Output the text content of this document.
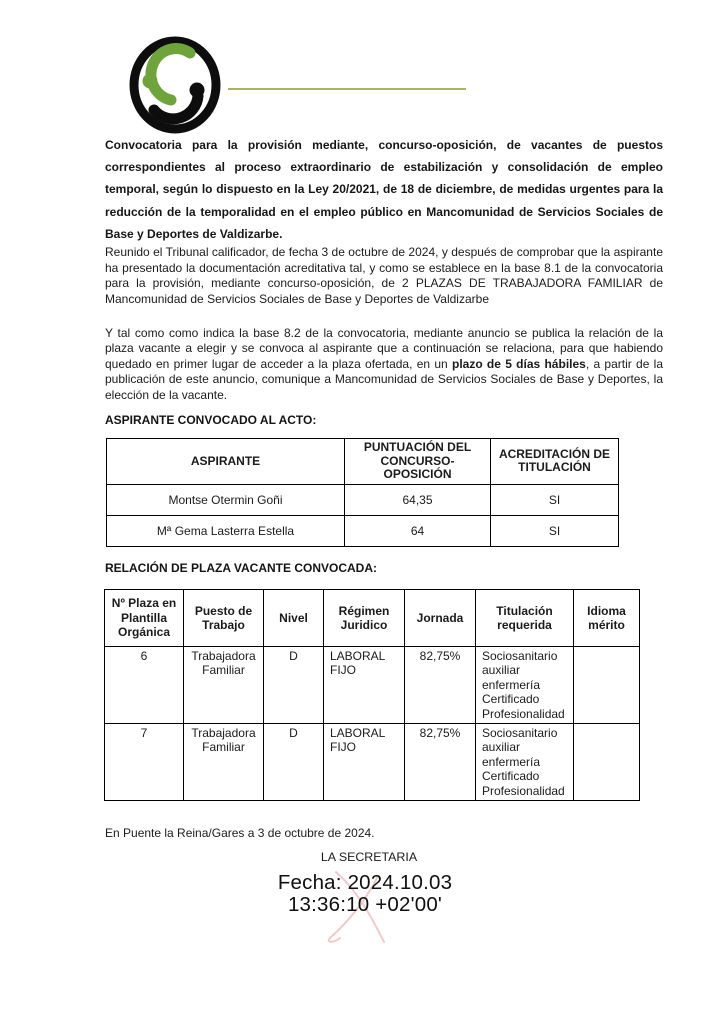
Convocatoria para la provisión mediante, concurso-oposición, de vacantes de puestos correspondientes al proceso extraordinario de estabilización y consolidación de empleo temporal, según lo dispuesto en la Ley 20/2021, de 18 de diciembre, de medidas urgentes para la reducción de la temporalidad en el empleo público en Mancomunidad de Servicios Sociales de Base y Deportes de Valdizarbe.

Reunido el Tribunal calificador, de fecha 3 de octubre de 2024, y después de comprobar que la aspirante ha presentado la documentación acreditativa tal, y como se establece en la base 8.1 de la convocatoria para la provisión, mediante concurso-oposición, de 2 PLAZAS DE TRABAJADORA FAMILIAR de Mancomunidad de Servicios Sociales de Base y Deportes de Valdizarbe

Y tal como como indica la base 8.2 de la convocatoria, mediante anuncio se publica la relación de la plaza vacante a elegir y se convoca al aspirante que a continuación se relaciona, para que habiendo quedado en primer lugar de acceder a la plaza ofertada, en un plazo de 5 días hábiles, a partir de la publicación de este anuncio, comunique a Mancomunidad de Servicios Sociales de Base y Deportes, la elección de la vacante.

ASPIRANTE CONVOCADO AL ACTO:
ASPIRANTE	PUNTUACIÓN DEL CONCURSO-OPOSICIÓN	ACREDITACIÓN DE TITULACIÓN
Montse Otermin Goñi	64,35	SI
Mª Gema Lasterra Estella	64	SI
RELACIÓN DE PLAZA VACANTE CONVOCADA:
Nº Plaza en Plantilla Orgánica	Puesto de Trabajo	Nivel	Régimen Juridico	Jornada	Titulación requerida	Idioma mérito
6	Trabajadora Familiar	D	LABORAL FIJO	82,75%	Sociosanitario auxiliar enfermería Certificado Profesionalidad	
7	Trabajadora Familiar	D	LABORAL FIJO	82,75%	Sociosanitario auxiliar enfermería Certificado Profesionalidad	
En Puente la Reina/Gares a 3 de octubre de 2024.
LA SECRETARIA
Fecha: 2024.10.03
13:36:10 +02'00'
